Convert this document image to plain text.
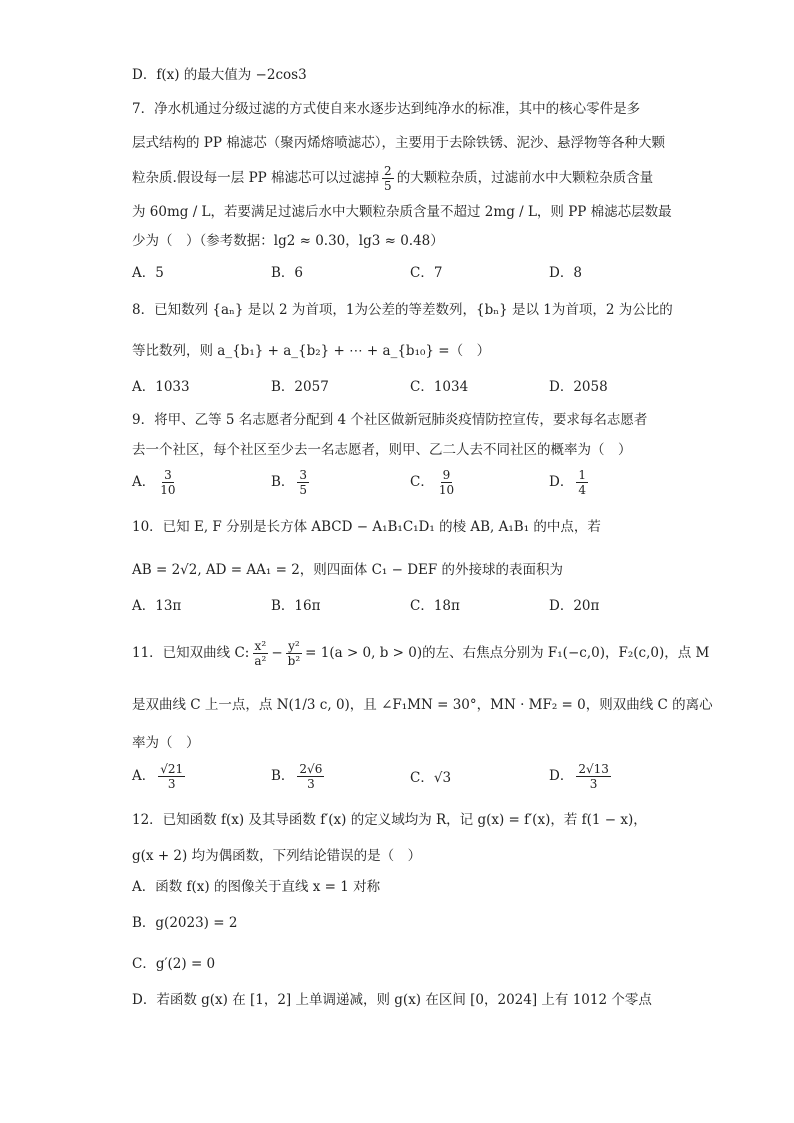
D．f(x) 的最大值为 −2cos3
7．净水机通过分级过滤的方式使自来水逐步达到纯净水的标准，其中的核心零件是多
层式结构的 PP 棉滤芯（聚丙烯熔喷滤芯），主要用于去除铁锈、泥沙、悬浮物等各种大颗
粒杂质.假设每一层 PP 棉滤芯可以过滤掉 $\frac{2}{5}$ 的大颗粒杂质，过滤前水中大颗粒杂质含量
为 60mg / L，若要满足过滤后水中大颗粒杂质含量不超过 2mg / L，则 PP 棉滤芯层数最
少为（　）（参考数据：lg2 ≈ 0.30，lg3 ≈ 0.48）
A．5	B．6	C．7	D．8
8．已知数列 {aₙ} 是以 2 为首项，1为公差的等差数列，{bₙ} 是以 1为首项，2 为公比的
等比数列，则 a_{b₁} + a_{b₂} + ⋯ + a_{b₁₀} =（　）
A．1033	B．2057	C．1034	D．2058
9．将甲、乙等 5 名志愿者分配到 4 个社区做新冠肺炎疫情防控宣传，要求每名志愿者
去一个社区，每个社区至少去一名志愿者，则甲、乙二人去不同社区的概率为（　）
A． $\frac{3}{10}$	B． $\frac{3}{5}$	C． $\frac{9}{10}$	D． $\frac{1}{4}$
10．已知 E, F 分别是长方体 ABCD − A₁B₁C₁D₁ 的棱 AB, A₁B₁ 的中点，若
AB = 2√2, AD = AA₁ = 2，则四面体 C₁ − DEF 的外接球的表面积为
A．13π	B．16π	C．18π	D．20π
11．已知双曲线 C: $\frac{\text{x²}}{\text{a²}} - \frac{\text{y²}}{\text{b²}} = 1(a > 0$, b > 0)的左、右焦点分别为 F₁(−c,0)，F₂(c,0)，点 M
是双曲线 C 上一点，点 N(1/3 c, 0)，且 ∠F₁MN = 30°，MN · MF₂ = 0，则双曲线 C 的离心
率为（　）
A． $\frac{√21}{3}$	B． $\frac{2√6}{3}$	C．√3	D． $\frac{2√13}{3}$
12．已知函数 f(x) 及其导函数 f′(x) 的定义域均为 R，记 g(x) = f′(x)，若 f(1 − x)，
g(x + 2) 均为偶函数，下列结论错误的是（　）
A．函数 f(x) 的图像关于直线 x = 1 对称
B．g(2023) = 2
C．g′(2) = 0
D．若函数 g(x) 在 [1，2] 上单调递减，则 g(x) 在区间 [0，2024] 上有 1012 个零点
